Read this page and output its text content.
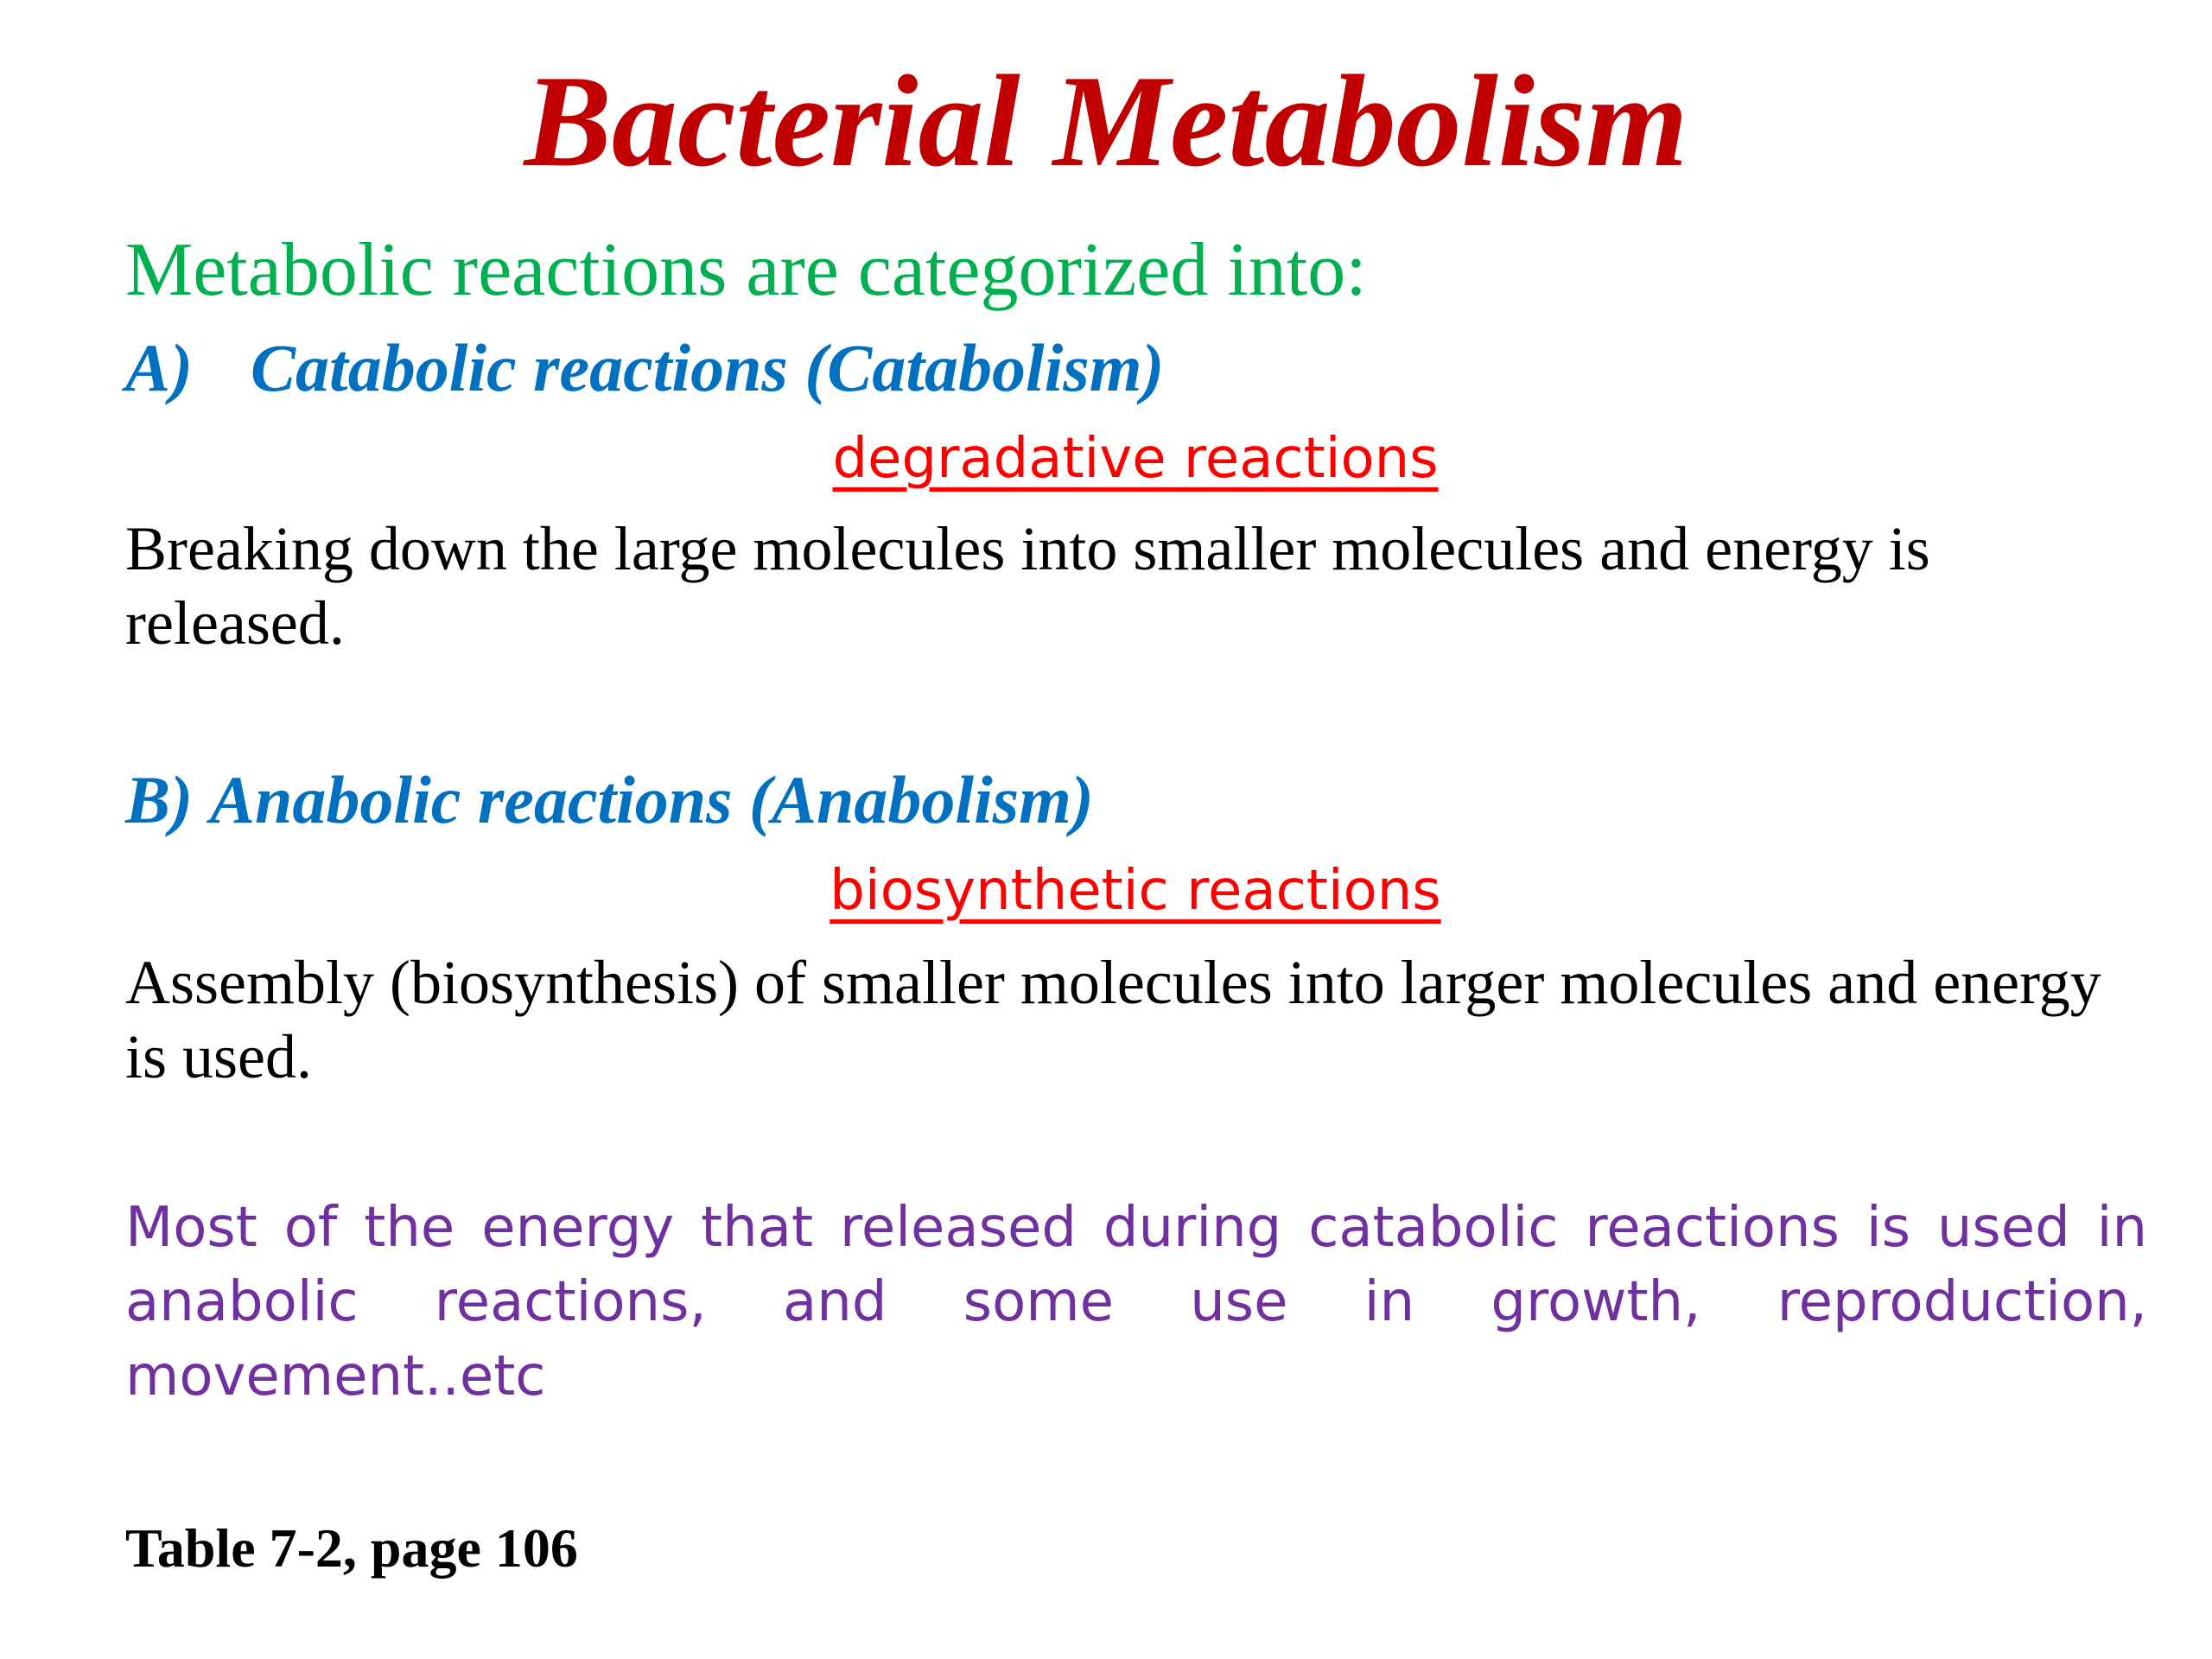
Bacterial Metabolism
Metabolic reactions are categorized into:
A) Catabolic reactions (Catabolism)
degradative reactions
Breaking down the large molecules into smaller molecules and energy is released.
B) Anabolic reactions (Anabolism)
biosynthetic reactions
Assembly (biosynthesis) of smaller molecules into larger molecules and energy is used.
Most of the energy that released during catabolic reactions is used in anabolic reactions, and some use in growth, reproduction, movement..etc
Table 7-2, page 106
